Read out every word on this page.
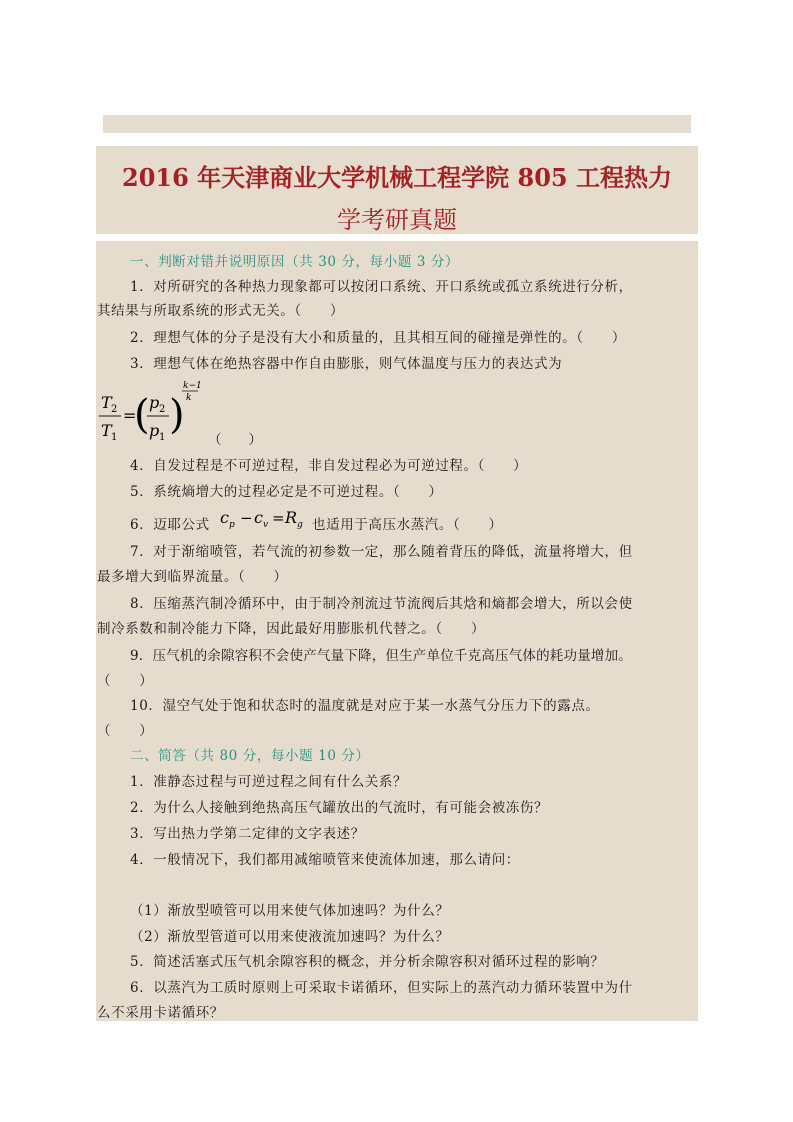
2016 年天津商业大学机械工程学院 805 工程热力
学考研真题
一、判断对错并说明原因（共 30 分，每小题 3 分）
1．对所研究的各种热力现象都可以按闭口系统、开口系统或孤立系统进行分析，
其结果与所取系统的形式无关。（　　）
2．理想气体的分子是没有大小和质量的，且其相互间的碰撞是弹性的。（　　）
3．理想气体在绝热容器中作自由膨胀，则气体温度与压力的表达式为
T 2
T 1
=
( p 2
p 1 )
k−1
k
（　　）
4．自发过程是不可逆过程，非自发过程必为可逆过程。（　　）
5．系统熵增大的过程必定是不可逆过程。（　　）
6．迈耶公式 c p − c v = R g 也适用于高压水蒸汽。（　　）
7．对于渐缩喷管，若气流的初参数一定，那么随着背压的降低，流量将增大，但
最多增大到临界流量。（　　）
8．压缩蒸汽制冷循环中，由于制冷剂流过节流阀后其焓和熵都会增大，所以会使
制冷系数和制冷能力下降，因此最好用膨胀机代替之。（　　）
9．压气机的余隙容积不会使产气量下降，但生产单位千克高压气体的耗功量增加。
（　　）
10．湿空气处于饱和状态时的温度就是对应于某一水蒸气分压力下的露点。
（　　）
二、简答（共 80 分，每小题 10 分）
1．准静态过程与可逆过程之间有什么关系？
2．为什么人接触到绝热高压气罐放出的气流时，有可能会被冻伤？
3．写出热力学第二定律的文字表述？
4．一般情况下，我们都用减缩喷管来使流体加速，那么请问：
（1）渐放型喷管可以用来使气体加速吗？为什么？
（2）渐放型管道可以用来使液流加速吗？为什么？
5．简述活塞式压气机余隙容积的概念，并分析余隙容积对循环过程的影响？
6．以蒸汽为工质时原则上可采取卡诺循环，但实际上的蒸汽动力循环装置中为什
么不采用卡诺循环？
